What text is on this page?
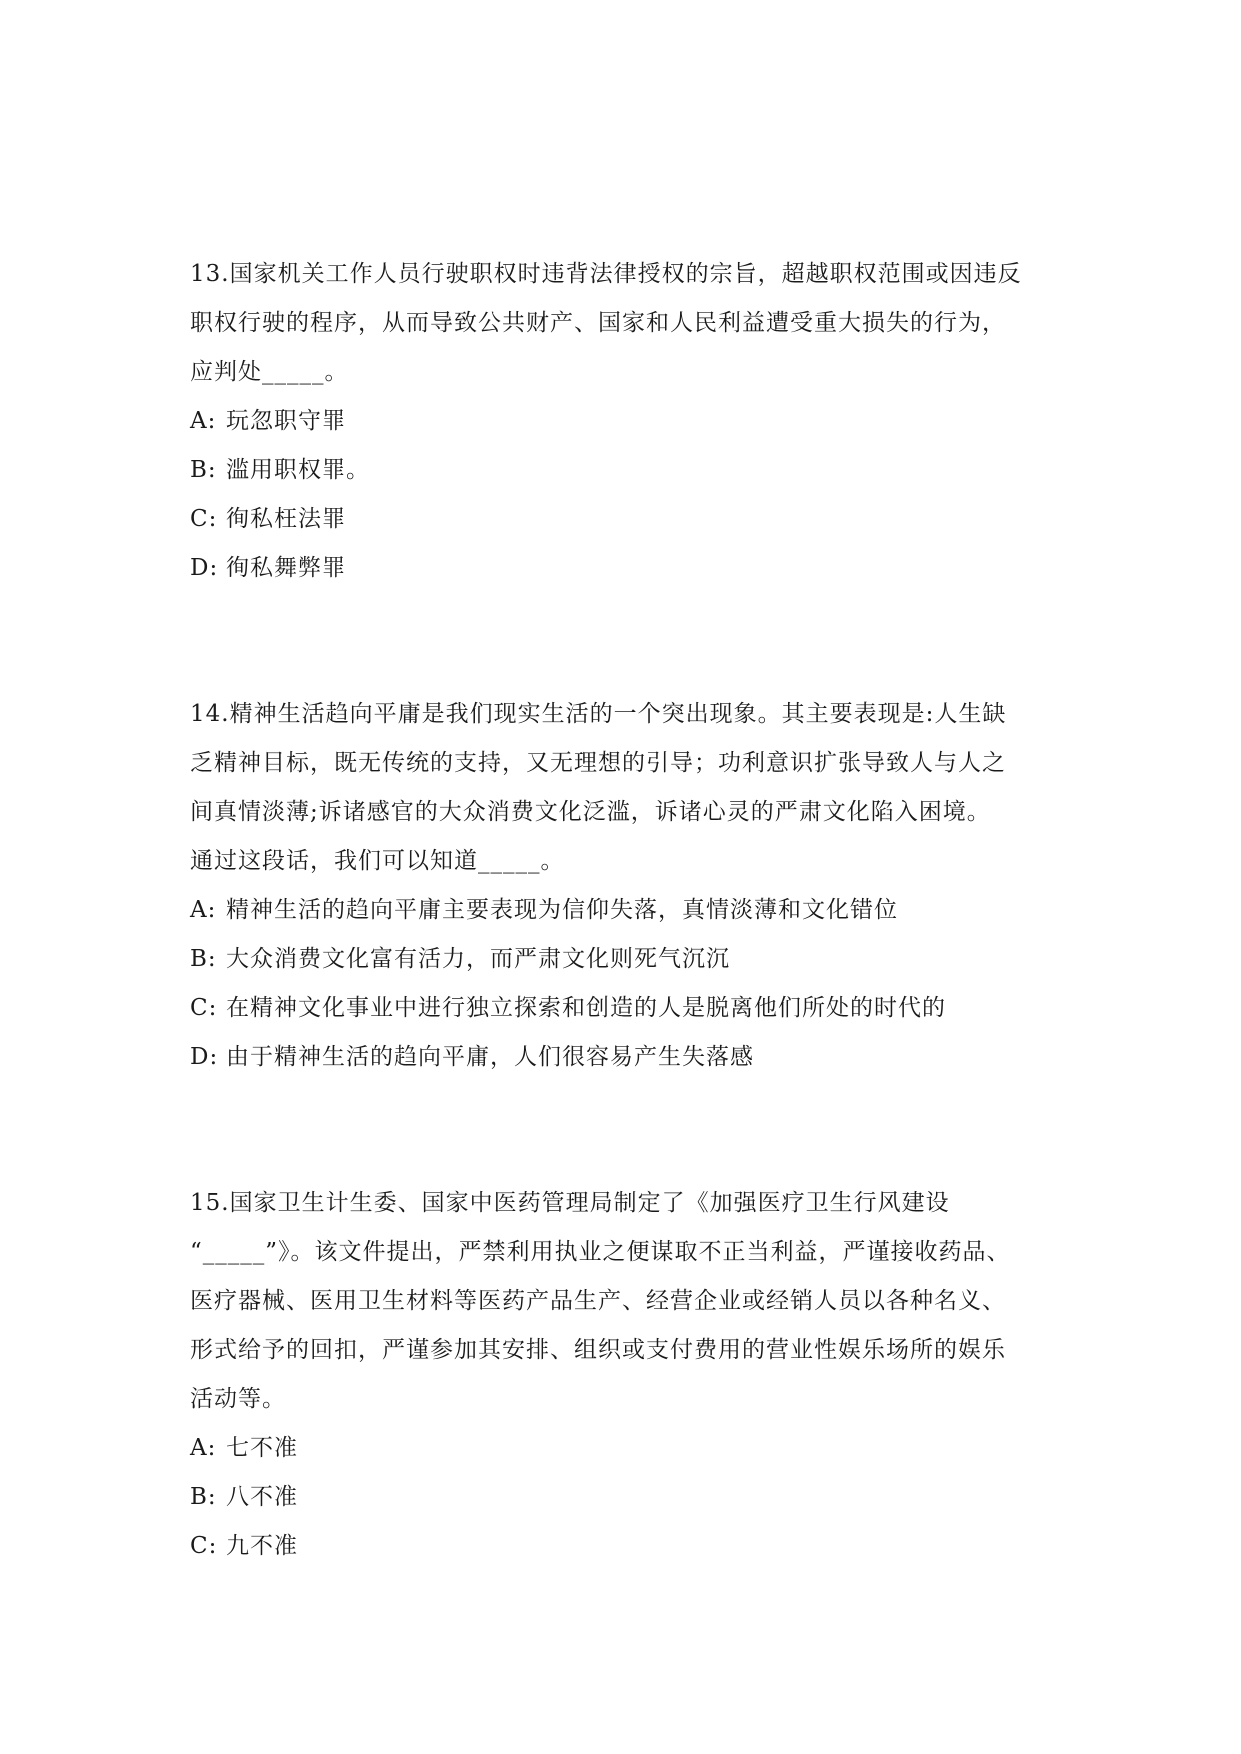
13.国家机关工作人员行驶职权时违背法律授权的宗旨，超越职权范围或因违反
职权行驶的程序，从而导致公共财产、国家和人民利益遭受重大损失的行为，
应判处_____。

A: 玩忽职守罪

B: 滥用职权罪。

C: 徇私枉法罪

D: 徇私舞弊罪

14.精神生活趋向平庸是我们现实生活的一个突出现象。其主要表现是:人生缺
乏精神目标，既无传统的支持，又无理想的引导；功利意识扩张导致人与人之
间真情淡薄;诉诸感官的大众消费文化泛滥，诉诸心灵的严肃文化陷入困境。
通过这段话，我们可以知道_____。

A: 精神生活的趋向平庸主要表现为信仰失落，真情淡薄和文化错位

B: 大众消费文化富有活力，而严肃文化则死气沉沉

C: 在精神文化事业中进行独立探索和创造的人是脱离他们所处的时代的

D: 由于精神生活的趋向平庸，人们很容易产生失落感

15.国家卫生计生委、国家中医药管理局制定了《加强医疗卫生行风建设
“_____”》。该文件提出，严禁利用执业之便谋取不正当利益，严谨接收药品、
医疗器械、医用卫生材料等医药产品生产、经营企业或经销人员以各种名义、
形式给予的回扣，严谨参加其安排、组织或支付费用的营业性娱乐场所的娱乐
活动等。

A: 七不准

B: 八不准

C: 九不准
